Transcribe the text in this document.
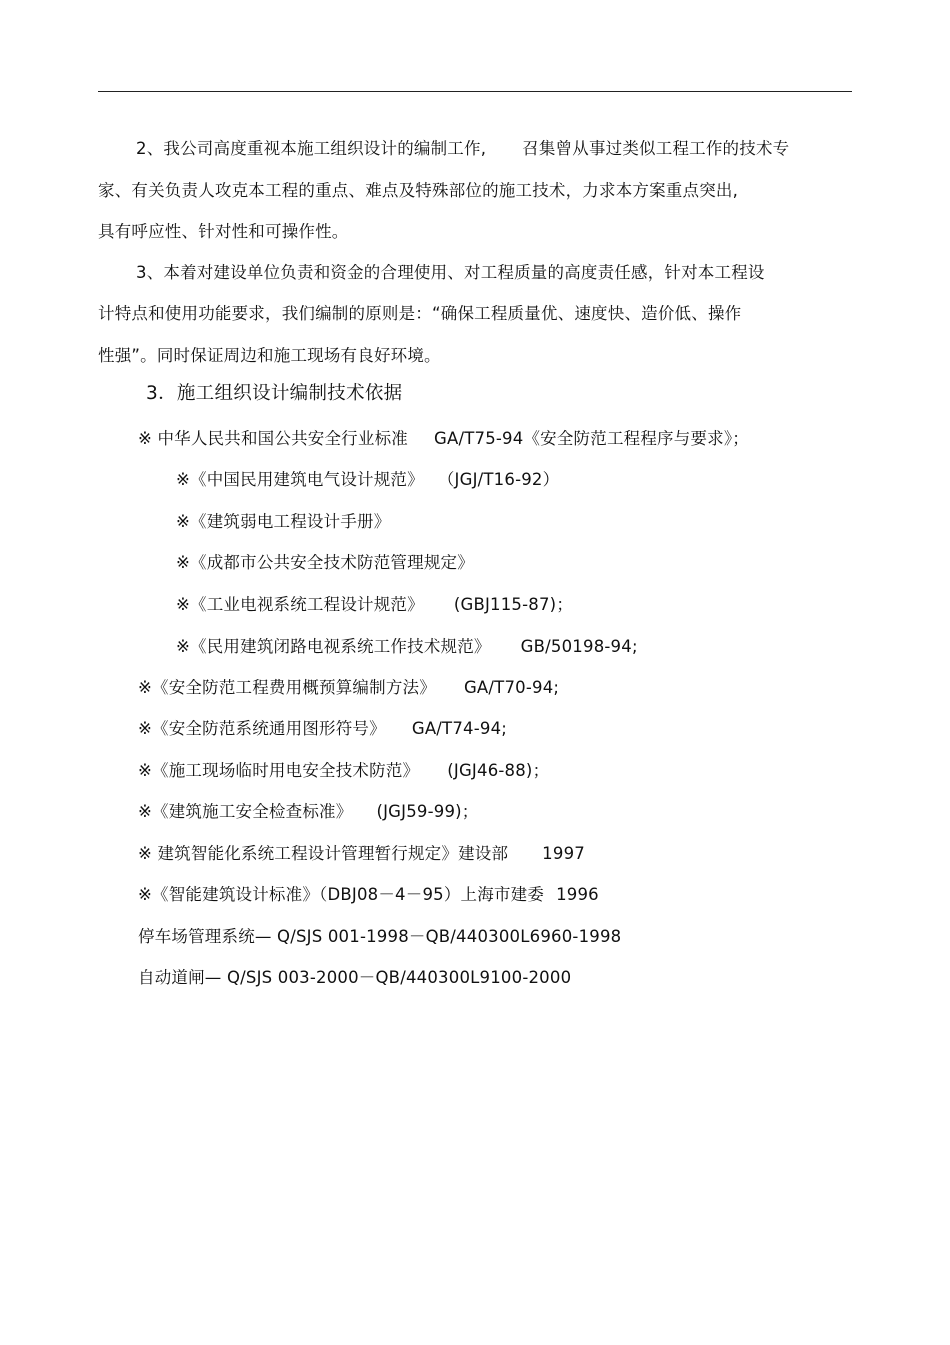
2、我公司高度重视本施工组织设计的编制工作, 召集曾从事过类似工程工作的技术专
家、有关负责人攻克本工程的重点、难点及特殊部位的施工技术，力求本方案重点突出,
具有呼应性、针对性和可操作性。
3、本着对建设单位负责和资金的合理使用、对工程质量的高度责任感，针对本工程设
计特点和使用功能要求，我们编制的原则是：“确保工程质量优、速度快、造价低、操作
性强”。同时保证周边和施工现场有良好环境。
3．施工组织设计编制技术依据
※ 中华人民共和国公共安全行业标准 GA/T75-94《安全防范工程程序与要求》；
※《中国民用建筑电气设计规范》 （JGJ/T16-92）
※《建筑弱电工程设计手册》
※《成都市公共安全技术防范管理规定》
※《工业电视系统工程设计规范》 (GBJ115-87)；
※《民用建筑闭路电视系统工作技术规范》 GB/50198-94;
※《安全防范工程费用概预算编制方法》 GA/T70-94;
※《安全防范系统通用图形符号》 GA/T74-94;
※《施工现场临时用电安全技术防范》 (JGJ46-88)；
※《建筑施工安全检查标准》 (JGJ59-99)；
※ 建筑智能化系统工程设计管理暂行规定》建设部 1997
※《智能建筑设计标准》（DBJ08－4－95）上海市建委 1996
停车场管理系统— Q/SJS 001-1998－QB/440300L6960-1998
自动道闸— Q/SJS 003-2000－QB/440300L9100-2000
